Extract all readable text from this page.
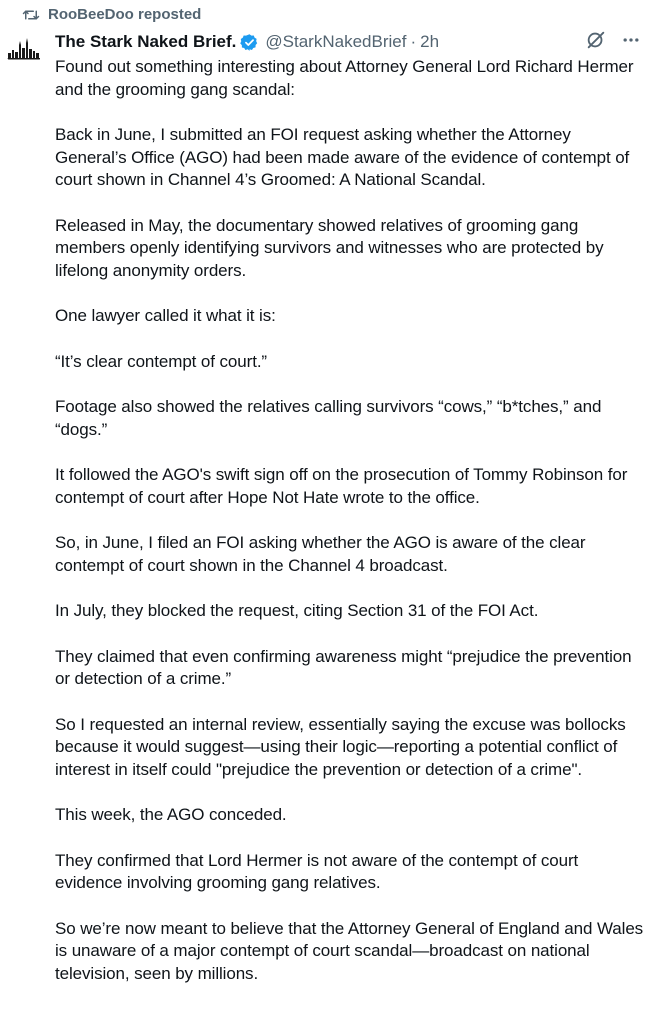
RooBeeDoo reposted
The Stark Naked Brief. @StarkNakedBrief · 2h

Found out something interesting about Attorney General Lord Richard Hermer and the grooming gang scandal:

Back in June, I submitted an FOI request asking whether the Attorney General’s Office (AGO) had been made aware of the evidence of contempt of court shown in Channel 4’s Groomed: A National Scandal.

Released in May, the documentary showed relatives of grooming gang members openly identifying survivors and witnesses who are protected by lifelong anonymity orders.

One lawyer called it what it is:

“It’s clear contempt of court.”

Footage also showed the relatives calling survivors “cows,” “b*tches,” and “dogs.”

It followed the AGO's swift sign off on the prosecution of Tommy Robinson for contempt of court after Hope Not Hate wrote to the office.

So, in June, I filed an FOI asking whether the AGO is aware of the clear contempt of court shown in the Channel 4 broadcast.

In July, they blocked the request, citing Section 31 of the FOI Act.

They claimed that even confirming awareness might “prejudice the prevention or detection of a crime.”

So I requested an internal review, essentially saying the excuse was bollocks because it would suggest—using their logic—reporting a potential conflict of interest in itself could "prejudice the prevention or detection of a crime".

This week, the AGO conceded.

They confirmed that Lord Hermer is not aware of the contempt of court evidence involving grooming gang relatives.

So we’re now meant to believe that the Attorney General of England and Wales is unaware of a major contempt of court scandal—broadcast on national television, seen by millions.
